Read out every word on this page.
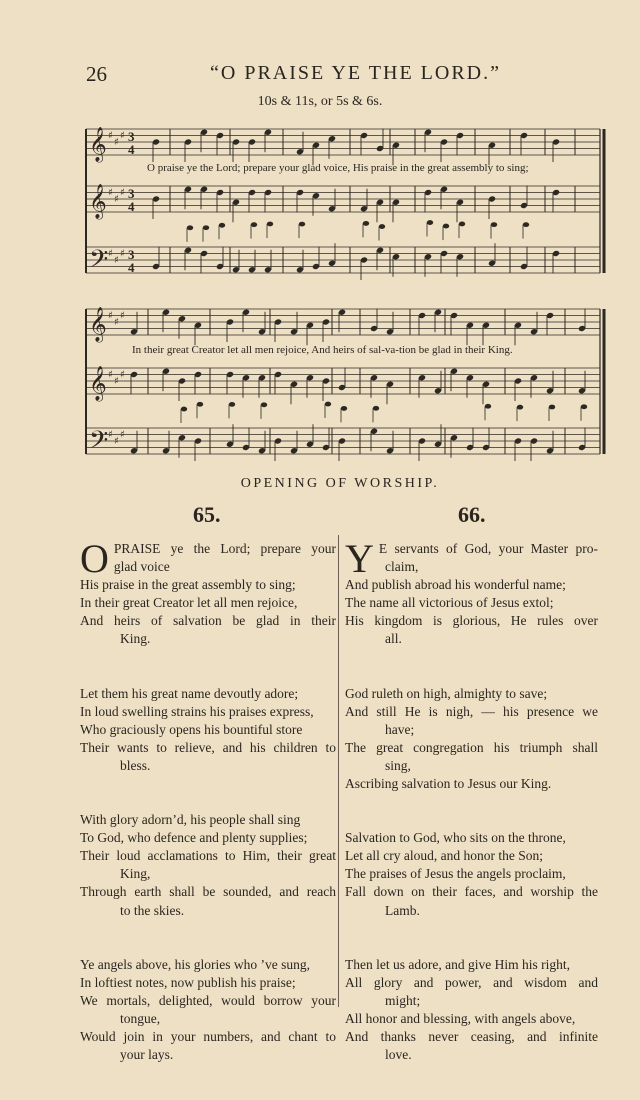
26	“O PRAISE YE THE LORD.”
10s & 11s, or 5s & 6s.
𝄞 ♯
♯
♯ 3
4
𝄞 ♯
♯
♯ 3
4
𝄢 ♯
♯
♯ 3
4
𝄞 ♯
♯
♯
𝄞 ♯
♯
♯
𝄢 ♯
♯
♯
O praise ye the Lord; prepare your glad voice, His praise in the great assembly to sing;
In their great Creator let all men rejoice, And heirs of sal-va-tion be glad in their King.
OPENING OF WORSHIP.
65.	66.
O PRAISE ye the Lord; prepare your
glad voice
His praise in the great assembly to sing;
In their great Creator let all men rejoice,
And heirs of salvation be glad in their
King.
Let them his great name devoutly adore;
In loud swelling strains his praises express,
Who graciously opens his bountiful store
Their wants to relieve, and his children to
bless.
With glory adorn’d, his people shall sing
To God, who defence and plenty supplies;
Their loud acclamations to Him, their great
King,
Through earth shall be sounded, and reach
to the skies.
Ye angels above, his glories who ’ve sung,
In loftiest notes, now publish his praise;
We mortals, delighted, would borrow your
tongue,
Would join in your numbers, and chant to
your lays.
Y E servants of God, your Master pro-
claim,
And publish abroad his wonderful name;
The name all victorious of Jesus extol;
His kingdom is glorious, He rules over
all.
God ruleth on high, almighty to save;
And still He is nigh, — his presence we
have;
The great congregation his triumph shall
sing,
Ascribing salvation to Jesus our King.
Salvation to God, who sits on the throne,
Let all cry aloud, and honor the Son;
The praises of Jesus the angels proclaim,
Fall down on their faces, and worship the
Lamb.
Then let us adore, and give Him his right,
All glory and power, and wisdom and
might;
All honor and blessing, with angels above,
And thanks never ceasing, and infinite
love.
